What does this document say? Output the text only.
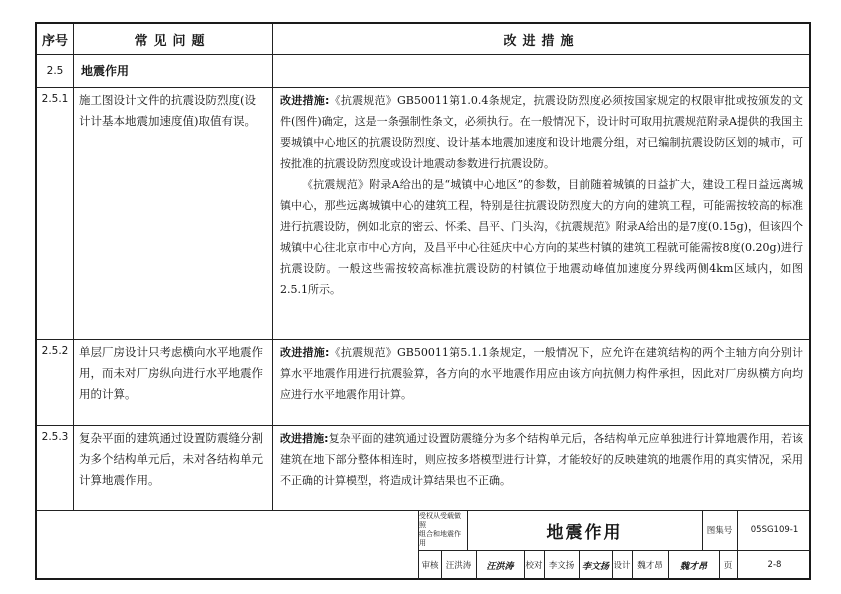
序号	常见问题	改进措施
2.5	地震作用
2.5.1 施工图设计文件的抗震设防烈度(设计计基本地震加速度值)取值有误。

改进措施:《抗震规范》GB50011第1.0.4条规定，抗震设防烈度必须按国家规定的权限审批或按颁发的文件(图件)确定，这是一条强制性条文，必须执行。在一般情况下，设计时可取用抗震规范附录A提供的我国主要城镇中心地区的抗震设防烈度、设计基本地震加速度和设计地震分组，对已编制抗震设防区划的城市，可按批准的抗震设防烈度或设计地震动参数进行抗震设防。

《抗震规范》附录A给出的是“城镇中心地区”的参数，目前随着城镇的日益扩大，建设工程日益远离城镇中心，那些远离城镇中心的建筑工程，特别是往抗震设防烈度大的方向的建筑工程，可能需按较高的标准进行抗震设防，例如北京的密云、怀柔、昌平、门头沟，《抗震规范》附录A给出的是7度(0.15g)，但该四个城镇中心往北京市中心方向，及昌平中心往延庆中心方向的某些村镇的建筑工程就可能需按8度(0.20g)进行抗震设防。一般这些需按较高标准抗震设防的村镇位于地震动峰值加速度分界线两侧4km区域内，如图2.5.1所示。

2.5.2 单层厂房设计只考虑横向水平地震作用，而未对厂房纵向进行水平地震作用的计算。

改进措施:《抗震规范》GB50011第5.1.1条规定，一般情况下，应允许在建筑结构的两个主轴方向分别计算水平地震作用进行抗震验算，各方向的水平地震作用应由该方向抗侧力构件承担，因此对厂房纵横方向均应进行水平地震作用计算。

2.5.3 复杂平面的建筑通过设置防震缝分割为多个结构单元后，未对各结构单元计算地震作用。

改进措施:复杂平面的建筑通过设置防震缝分为多个结构单元后，各结构单元应单独进行计算地震作用，若该建筑在地下部分整体相连时，则应按多塔模型进行计算，才能较好的反映建筑的地震作用的真实情况，采用不正确的计算模型，将造成计算结果也不正确。

受权从受载做照
组合和地震作用
地震作用	图集号	05SG109-1
审核 汪洪涛	汪洪涛	校对 李文扬 李文扬 设计 魏才昂	魏才昂	页	2-8
